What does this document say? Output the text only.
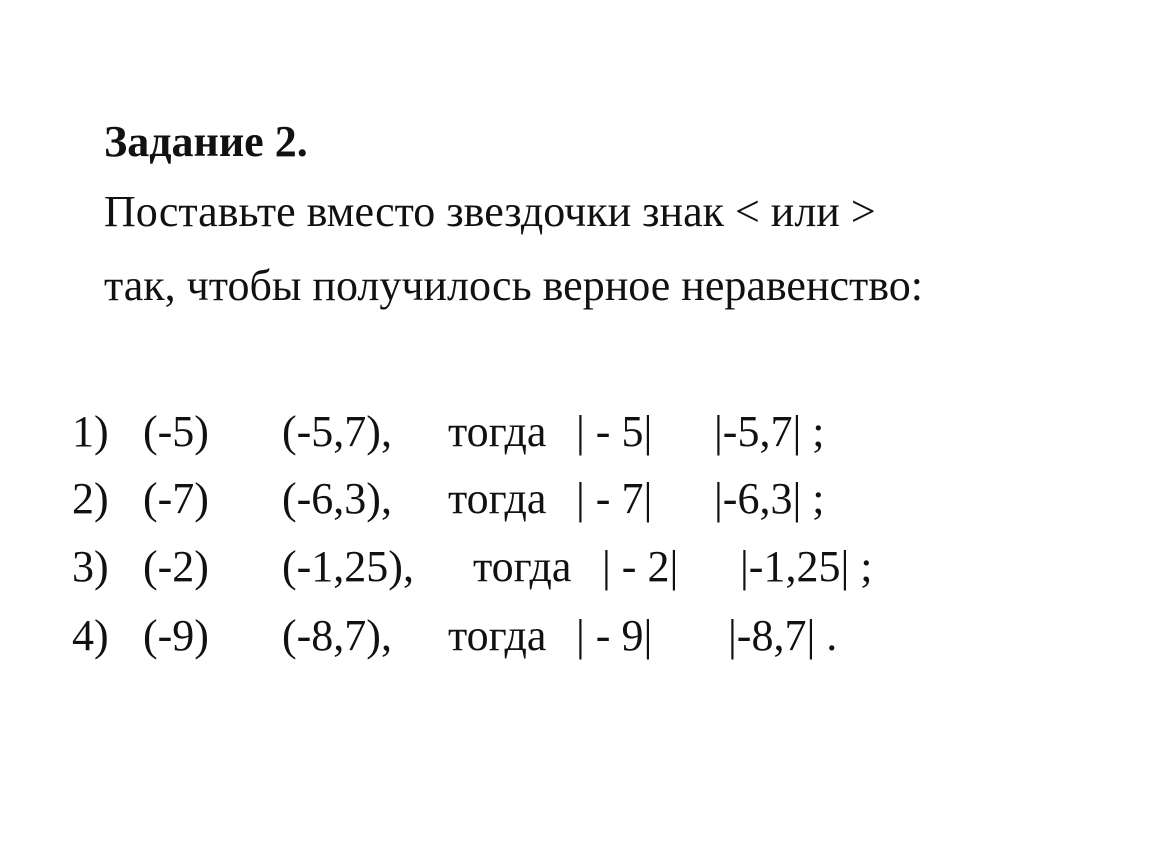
Задание 2.
Поставьте вместо звездочки знак < или >
так, чтобы получилось верное неравенство:
1) (-5) (-5,7), тогда | - 5| |-5,7| ;
2) (-7) (-6,3), тогда | - 7| |-6,3| ;
3) (-2) (-1,25), тогда | - 2| |-1,25| ;
4) (-9) (-8,7), тогда | - 9| |-8,7| .
